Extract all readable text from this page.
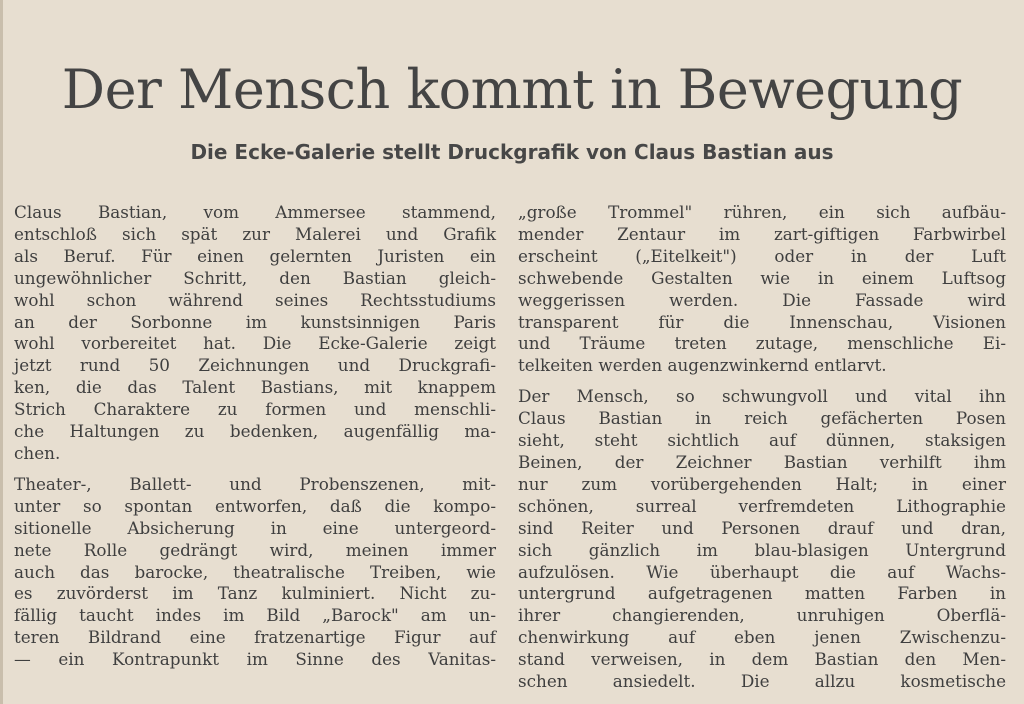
Der Mensch kommt in Bewegung
Die Ecke-Galerie stellt Druckgrafik von Claus Bastian aus

Claus Bastian, vom Ammersee stammend,
entschloß sich spät zur Malerei und Grafik
als Beruf. Für einen gelernten Juristen ein
ungewöhnlicher Schritt, den Bastian gleich-
wohl schon während seines Rechtsstudiums
an der Sorbonne im kunstsinnigen Paris
wohl vorbereitet hat. Die Ecke-Galerie zeigt
jetzt rund 50 Zeichnungen und Druckgrafi-
ken, die das Talent Bastians, mit knappem
Strich Charaktere zu formen und menschli-
che Haltungen zu bedenken, augenfällig ma-
chen.

Theater-, Ballett- und Probenszenen, mit-
unter so spontan entworfen, daß die kompo-
sitionelle Absicherung in eine untergeord-
nete Rolle gedrängt wird, meinen immer
auch das barocke, theatralische Treiben, wie
es zuvörderst im Tanz kulminiert. Nicht zu-
fällig taucht indes im Bild „Barock" am un-
teren Bildrand eine fratzenartige Figur auf
— ein Kontrapunkt im Sinne des Vanitas-

„große Trommel" rühren, ein sich aufbäu-
mender Zentaur im zart-giftigen Farbwirbel
erscheint („Eitelkeit") oder in der Luft
schwebende Gestalten wie in einem Luftsog
weggerissen werden. Die Fassade wird
transparent für die Innenschau, Visionen
und Träume treten zutage, menschliche Ei-
telkeiten werden augenzwinkernd entlarvt.

Der Mensch, so schwungvoll und vital ihn
Claus Bastian in reich gefächerten Posen
sieht, steht sichtlich auf dünnen, staksigen
Beinen, der Zeichner Bastian verhilft ihm
nur zum vorübergehenden Halt; in einer
schönen, surreal verfremdeten Lithographie
sind Reiter und Personen drauf und dran,
sich gänzlich im blau-blasigen Untergrund
aufzulösen. Wie überhaupt die auf Wachs-
untergrund aufgetragenen matten Farben in
ihrer changierenden, unruhigen Oberflä-
chenwirkung auf eben jenen Zwischenzu-
stand verweisen, in dem Bastian den Men-
schen ansiedelt. Die allzu kosmetische
